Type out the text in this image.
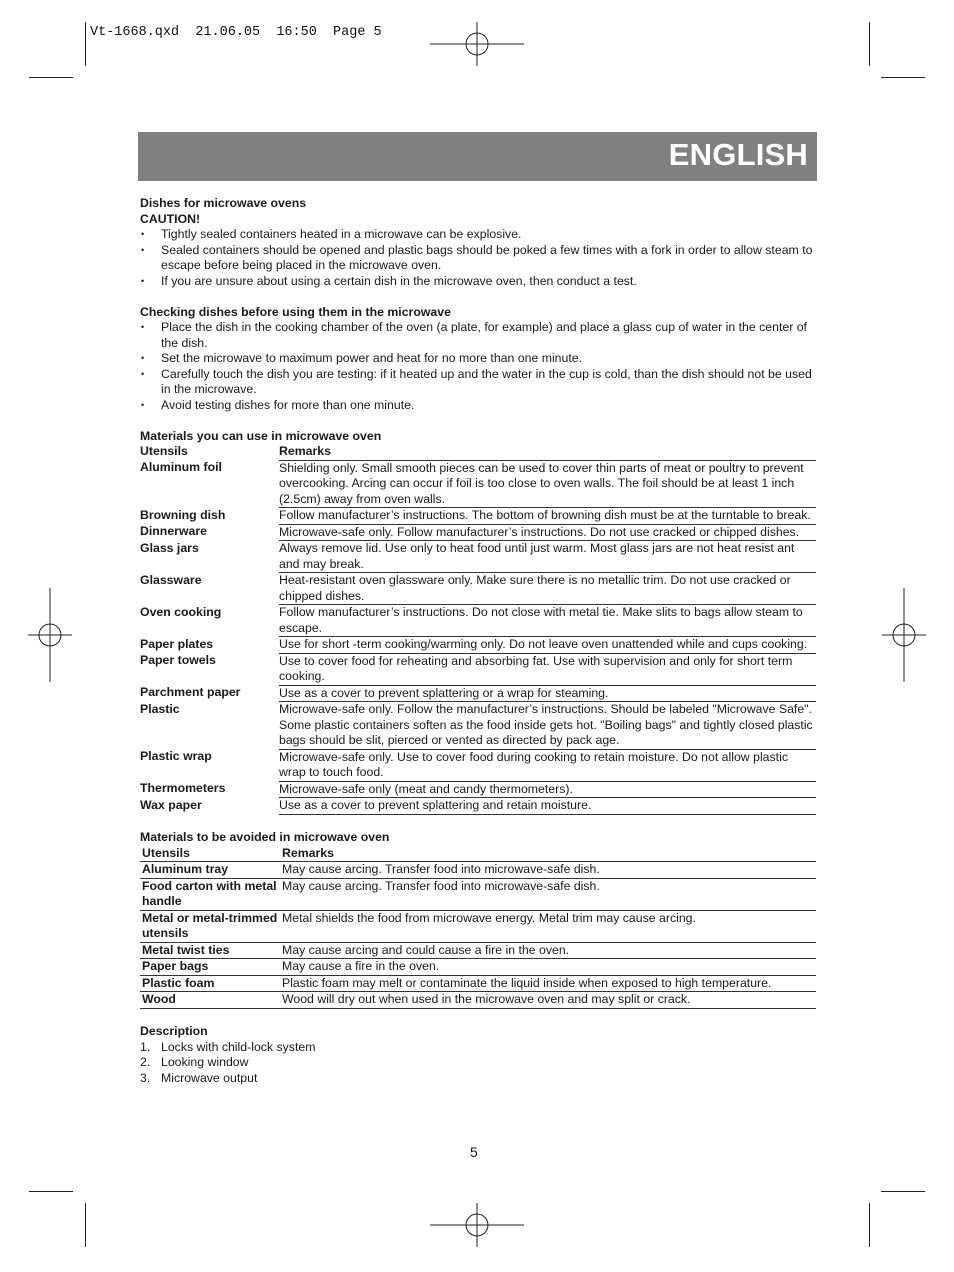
Vt-1668.qxd  21.06.05  16:50  Page 5
ENGLISH

Dishes for microwave ovens

CAUTION!

• Tightly sealed containers heated in a microwave can be explosive.
• Sealed containers should be opened and plastic bags should be poked a few times with a fork in order to allow steam to escape before being placed in the microwave oven.
• If you are unsure about using a certain dish in the microwave oven, then conduct a test.

Checking dishes before using them in the microwave

• Place the dish in the cooking chamber of the oven (a plate, for example) and place a glass cup of water in the center of the dish.
• Set the microwave to maximum power and heat for no more than one minute.
• Carefully touch the dish you are testing: if it heated up and the water in the cup is cold, than the dish should not be used in the microwave.
• Avoid testing dishes for more than one minute.

Materials you can use in microwave oven

Utensils	Remarks
Aluminum foil	Shielding only. Small smooth pieces can be used to cover thin parts of meat or poultry to prevent overcooking. Arcing can occur if foil is too close to oven walls. The foil should be at least 1 inch (2.5cm) away from oven walls.
Browning dish	Follow manufacturer’s instructions. The bottom of browning dish must be at the turntable to break.
Dinnerware	Microwave-safe only. Follow manufacturer’s instructions. Do not use cracked or chipped dishes.
Glass jars	Always remove lid. Use only to heat food until just warm. Most glass jars are not heat resist ant and may break.
Glassware	Heat-resistant oven glassware only. Make sure there is no metallic trim. Do not use cracked or chipped dishes.
Oven cooking	Follow manufacturer’s instructions. Do not close with metal tie. Make slits to bags allow steam to escape.
Paper plates	Use for short -term cooking/warming only. Do not leave oven unattended while and cups cooking.
Paper towels	Use to cover food for reheating and absorbing fat. Use with supervision and only for short term cooking.
Parchment paper	Use as a cover to prevent splattering or a wrap for steaming.
Plastic	Microwave-safe only. Follow the manufacturer’s instructions. Should be labeled "Microwave Safe". Some plastic containers soften as the food inside gets hot. "Boiling bags" and tightly closed plastic bags should be slit, pierced or vented as directed by pack age.
Plastic wrap	Microwave-safe only. Use to cover food during cooking to retain moisture. Do not allow plastic wrap to touch food.
Thermometers	Microwave-safe only (meat and candy thermometers).
Wax paper	Use as a cover to prevent splattering and retain moisture.

Materials to be avoided in microwave oven

Utensils	Remarks
Aluminum tray	May cause arcing. Transfer food into microwave-safe dish.
Food carton with metal handle	May cause arcing. Transfer food into microwave-safe dish.
Metal or metal-trimmed utensils	Metal shields the food from microwave energy. Metal trim may cause arcing.
Metal twist ties	May cause arcing and could cause a fire in the oven.
Paper bags	May cause a fire in the oven.
Plastic foam	Plastic foam may melt or contaminate the liquid inside when exposed to high temperature.
Wood	Wood will dry out when used in the microwave oven and may split or crack.

Description

1. Locks with child-lock system
2. Looking window
3. Microwave output
5
